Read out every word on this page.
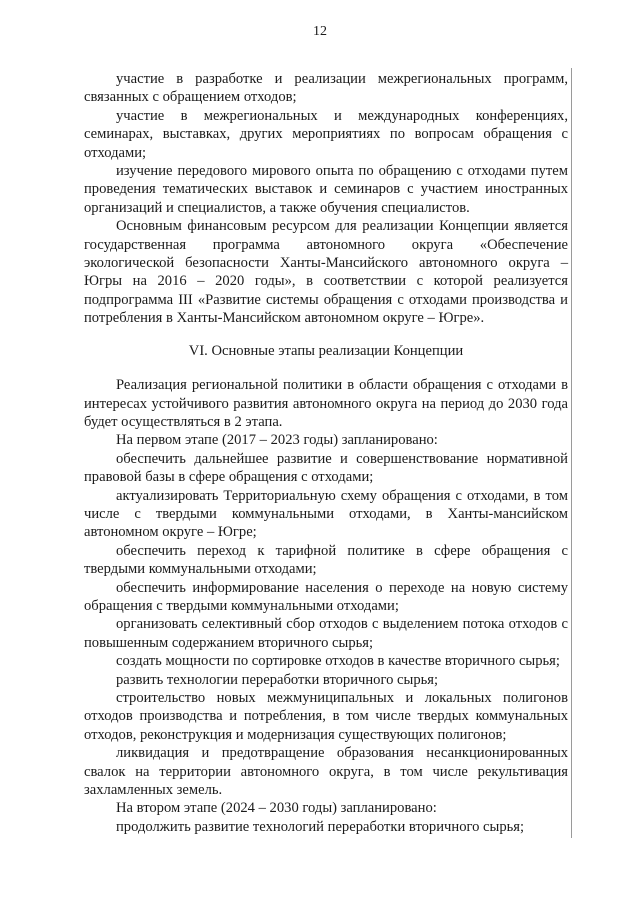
12

участие в разработке и реализации межрегиональных программ, связанных с обращением отходов;

участие в межрегиональных и международных конференциях, семинарах, выставках, других мероприятиях по вопросам обращения с отходами;

изучение передового мирового опыта по обращению с отходами путем проведения тематических выставок и семинаров с участием иностранных организаций и специалистов, а также обучения специалистов.

Основным финансовым ресурсом для реализации Концепции является государственная программа автономного округа «Обеспечение экологической безопасности Ханты-Мансийского автономного округа – Югры на 2016 – 2020 годы», в соответствии с которой реализуется подпрограмма III «Развитие системы обращения с отходами производства и потребления в Ханты-Мансийском автономном округе – Югре».

VI. Основные этапы реализации Концепции

Реализация региональной политики в области обращения с отходами в интересах устойчивого развития автономного округа на период до 2030 года будет осуществляться в 2 этапа.

На первом этапе (2017 – 2023 годы) запланировано:

обеспечить дальнейшее развитие и совершенствование нормативной правовой базы в сфере обращения с отходами;

актуализировать Территориальную схему обращения с отходами, в том числе с твердыми коммунальными отходами, в Ханты-мансийском автономном округе – Югре;

обеспечить переход к тарифной политике в сфере обращения с твердыми коммунальными отходами;

обеспечить информирование населения о переходе на новую систему обращения с твердыми коммунальными отходами;

организовать селективный сбор отходов с выделением потока отходов с повышенным содержанием вторичного сырья;

создать мощности по сортировке отходов в качестве вторичного сырья;

развить технологии переработки вторичного сырья;

строительство новых межмуниципальных и локальных полигонов отходов производства и потребления, в том числе твердых коммунальных отходов, реконструкция и модернизация существующих полигонов;

ликвидация и предотвращение образования несанкционированных свалок на территории автономного округа, в том числе рекультивация захламленных земель.

На втором этапе (2024 – 2030 годы) запланировано:

продолжить развитие технологий переработки вторичного сырья;
